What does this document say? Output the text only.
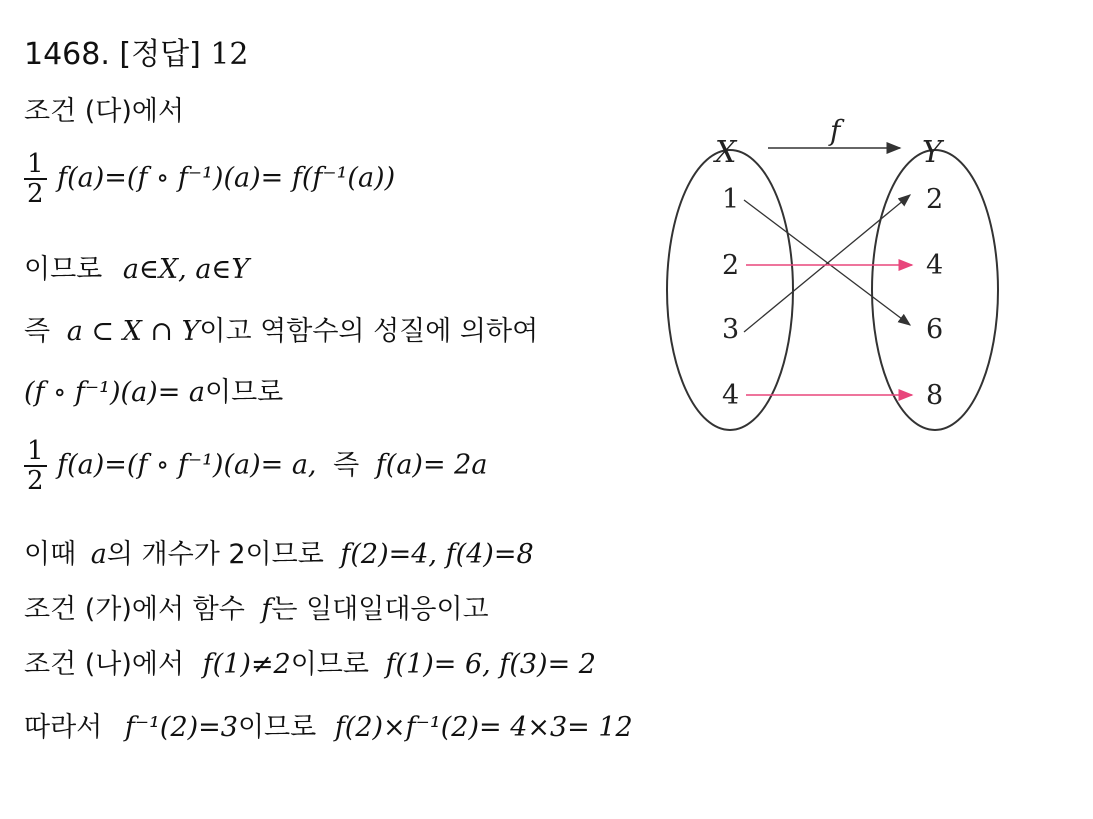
1468. [정답] 12
조건 (다)에서
$\frac{1}{2} f(a)=(f$ ∘ f⁻¹)(a)= f(f⁻¹(a))
이므로 a∈X, a∈Y
즉 a ⊂ X ∩ Y이고 역함수의 성질에 의하여
(f ∘ f⁻¹)(a)= a이므로
$\frac{1}{2} f(a)=(f$ ∘ f⁻¹)(a)= a, 즉 f(a)= 2a
이때 a의 개수가 2이므로 f(2)=4, f(4)=8
조건 (가)에서 함수 f는 일대일대응이고
조건 (나)에서 f(1)≠2이므로 f(1)= 6, f(3)= 2
따라서 f⁻¹(2)=3이므로 f(2)×f⁻¹(2)= 4×3= 12
f
X	Y
1
2
3
4
2
4
6
8
